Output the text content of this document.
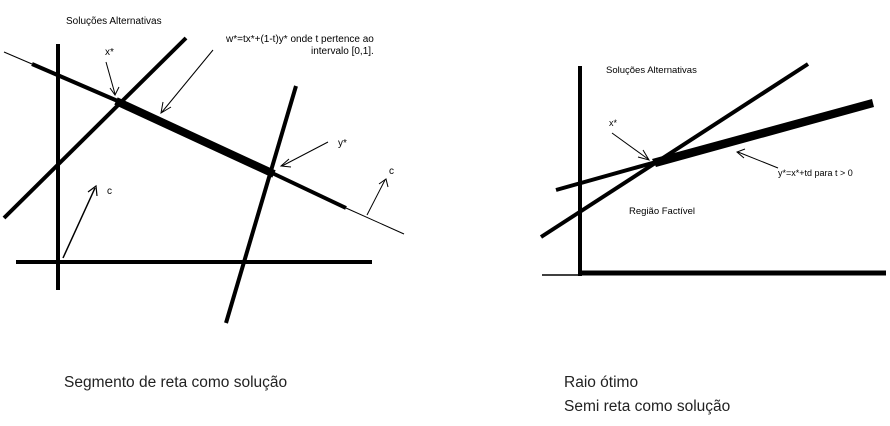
Soluções Alternativas
x*
y*
w*=tx*+(1-t)y* onde t pertence ao
intervalo [0,1].
c
c
Soluções Alternativas
x*
y*=x*+td para t > 0
Região Factível
Segmento de reta como solução	Raio ótimo
Semi reta como solução
